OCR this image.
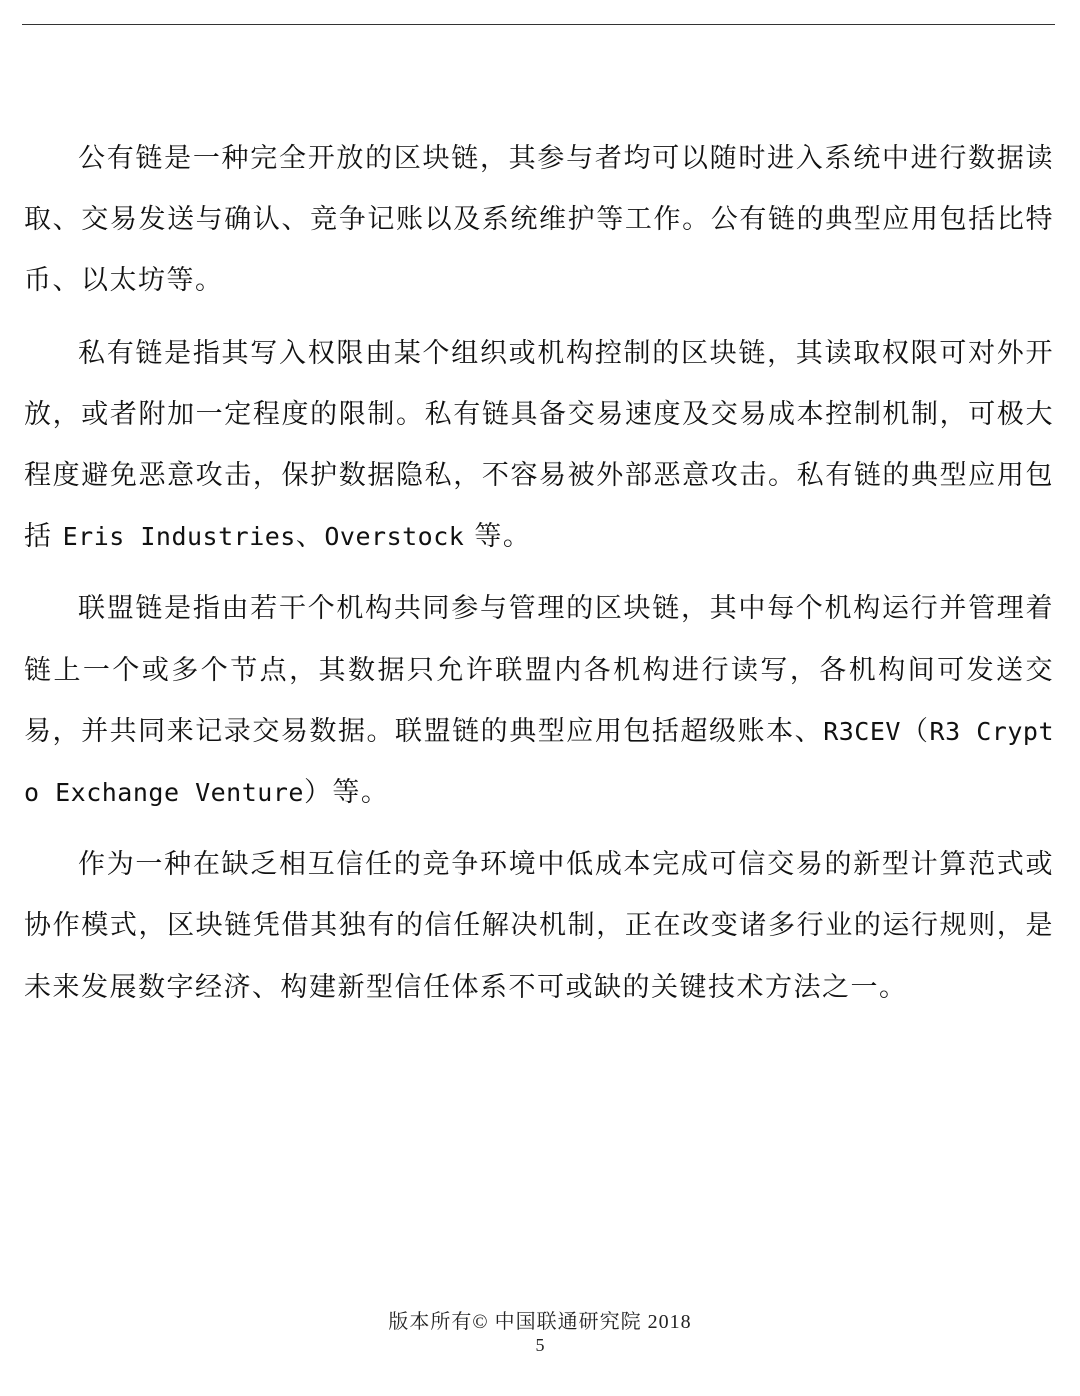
公有链是一种完全开放的区块链，其参与者均可以随时进入系统中进行数据读取、交易发送与确认、竞争记账以及系统维护等工作。公有链的典型应用包括比特币、以太坊等。

私有链是指其写入权限由某个组织或机构控制的区块链，其读取权限可对外开放，或者附加一定程度的限制。私有链具备交易速度及交易成本控制机制，可极大程度避免恶意攻击，保护数据隐私，不容易被外部恶意攻击。私有链的典型应用包括 Eris Industries、Overstock 等。

联盟链是指由若干个机构共同参与管理的区块链，其中每个机构运行并管理着链上一个或多个节点，其数据只允许联盟内各机构进行读写，各机构间可发送交易，并共同来记录交易数据。联盟链的典型应用包括超级账本、R3CEV（R3 Crypto Exchange Venture）等。

作为一种在缺乏相互信任的竞争环境中低成本完成可信交易的新型计算范式或协作模式，区块链凭借其独有的信任解决机制，正在改变诸多行业的运行规则，是未来发展数字经济、构建新型信任体系不可或缺的关键技术方法之一。

版本所有© 中国联通研究院 2018
5
